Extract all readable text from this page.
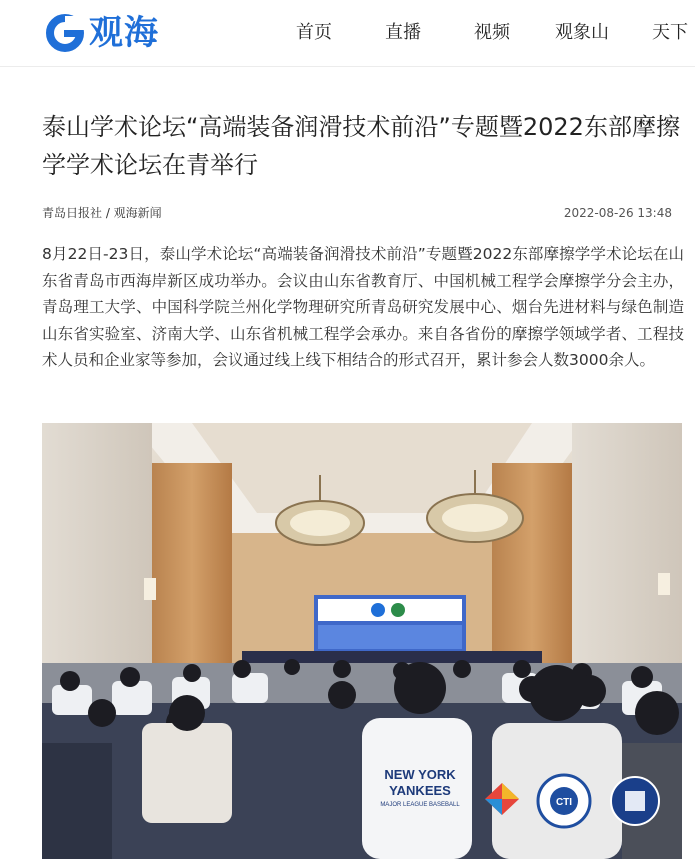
观海	首页	直播	视频	观象山 天下
泰山学术论坛“高端装备润滑技术前沿”专题暨2022东部摩擦学学术论坛在青举行
青岛日报社 / 观海新闻	2022-08-26 13:48

8月22日-23日，泰山学术论坛“高端装备润滑技术前沿”专题暨2022东部摩擦学学术论坛在山东省青岛市西海岸新区成功举办。会议由山东省教育厅、中国机械工程学会摩擦学分会主办，青岛理工大学、中国科学院兰州化学物理研究所青岛研究发展中心、烟台先进材料与绿色制造山东省实验室、济南大学、山东省机械工程学会承办。来自各省份的摩擦学领域学者、工程技术人员和企业家等参加，会议通过线上线下相结合的形式召开，累计参会人数3000余人。

NEW YORK
YANKEES
MAJOR LEAGUE BASEBALL	CTI
